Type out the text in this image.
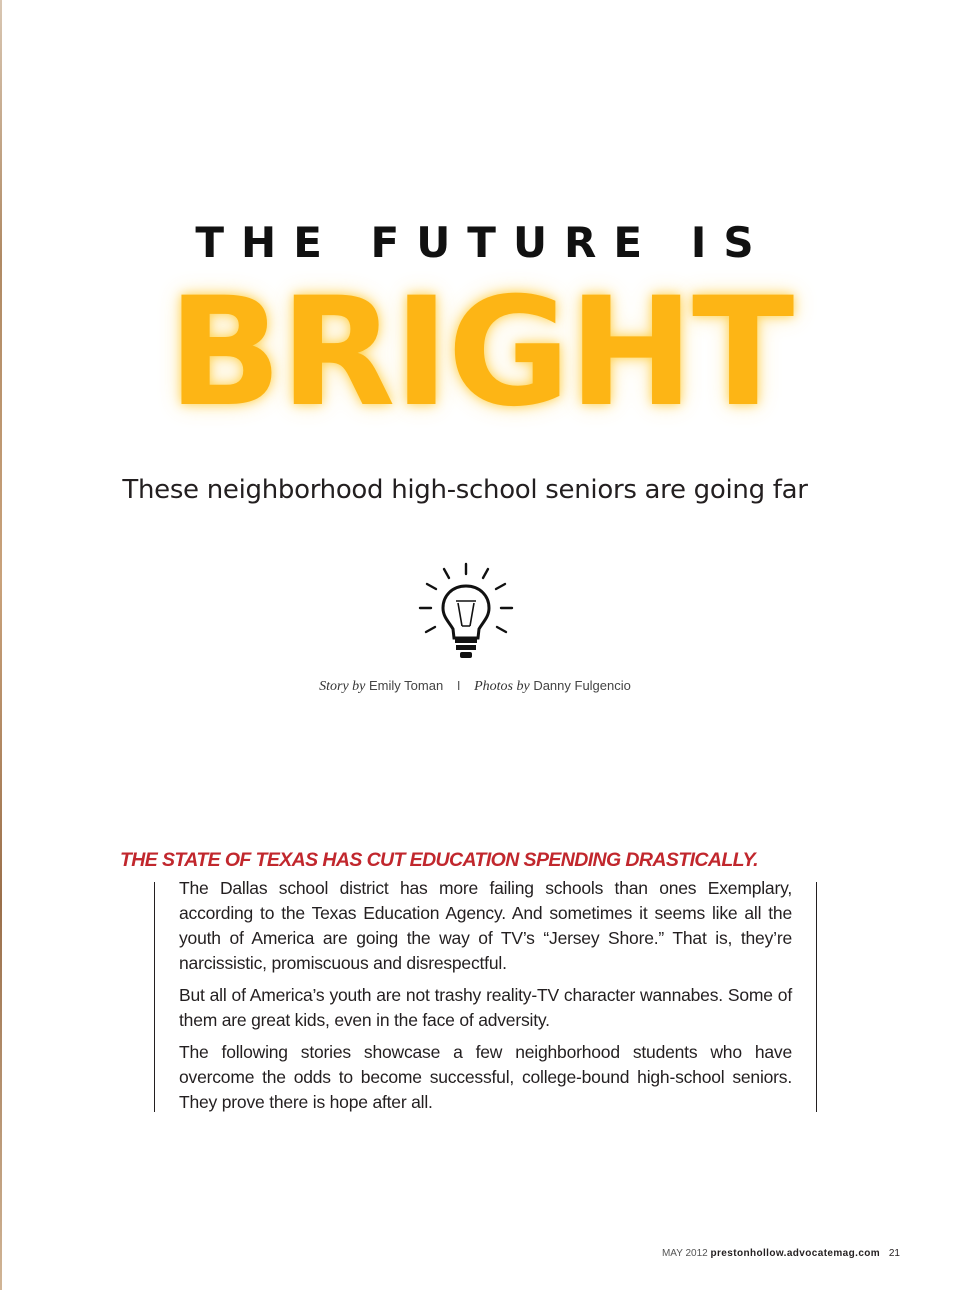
THE FUTURE IS
BRIGHT
These neighborhood high-school seniors are going far
Story by Emily Toman I Photos by Danny Fulgencio
THE STATE OF TEXAS HAS CUT EDUCATION SPENDING DRASTICALLY.

The Dallas school district has more failing schools than ones Exemplary, according to the Texas Education Agency. And sometimes it seems like all the youth of America are going the way of TV’s “Jersey Shore.” That is, they’re narcissistic, promiscuous and disrespectful.

But all of America’s youth are not trashy reality-TV character wannabes. Some of them are great kids, even in the face of adversity.

The following stories showcase a few neighborhood students who have overcome the odds to become successful, college-bound high-school seniors. They prove there is hope after all.

MAY 2012 prestonhollow.advocatemag.com 21
